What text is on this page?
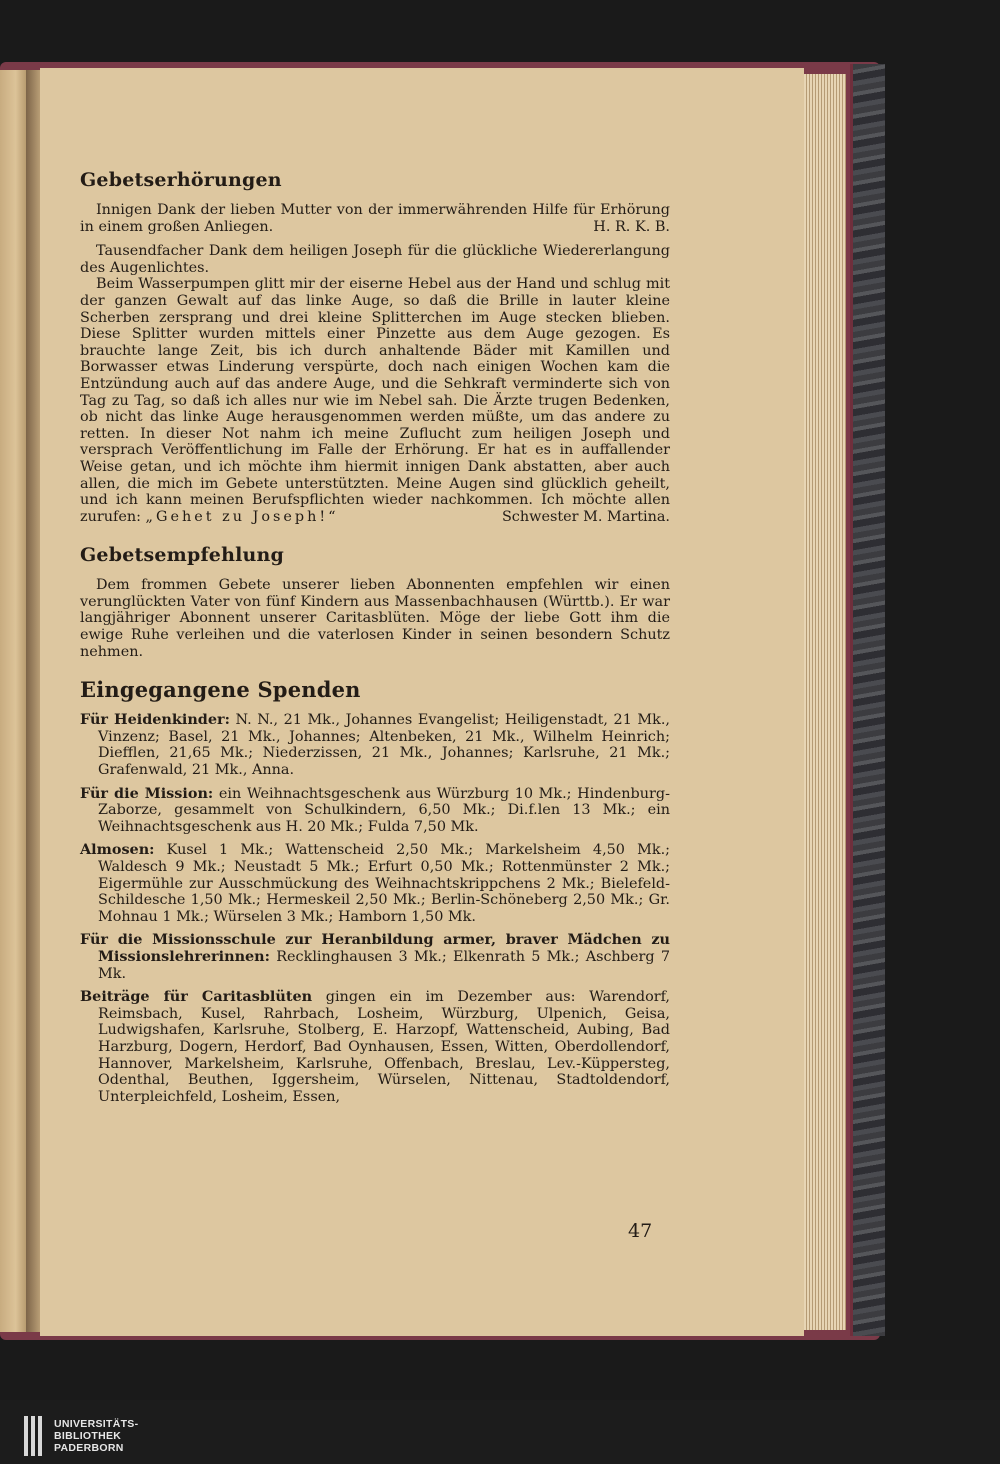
Gebetserhörungen

Innigen Dank der lieben Mutter von der immerwährenden Hilfe für Erhörung in einem großen Anliegen.	H. R. K. B.

Tausendfacher Dank dem heiligen Joseph für die glückliche Wiedererlangung des Augenlichtes.

Beim Wasserpumpen glitt mir der eiserne Hebel aus der Hand und schlug mit der ganzen Gewalt auf das linke Auge, so daß die Brille in lauter kleine Scherben zersprang und drei kleine Splitterchen im Auge stecken blieben. Diese Splitter wurden mittels einer Pinzette aus dem Auge gezogen. Es brauchte lange Zeit, bis ich durch anhaltende Bäder mit Kamillen und Borwasser etwas Linderung verspürte, doch nach einigen Wochen kam die Entzündung auch auf das andere Auge, und die Sehkraft verminderte sich von Tag zu Tag, so daß ich alles nur wie im Nebel sah. Die Ärzte trugen Bedenken, ob nicht das linke Auge herausgenommen werden müßte, um das andere zu retten. In dieser Not nahm ich meine Zuflucht zum heiligen Joseph und versprach Veröffentlichung im Falle der Erhörung. Er hat es in auffallender Weise getan, und ich möchte ihm hiermit innigen Dank abstatten, aber auch allen, die mich im Gebete unterstützten. Meine Augen sind glücklich geheilt, und ich kann meinen Berufspflichten wieder nachkommen. Ich möchte allen zurufen: „Gehet zu Joseph!“	Schwester M. Martina.

Gebetsempfehlung

Dem frommen Gebete unserer lieben Abonnenten empfehlen wir einen verunglückten Vater von fünf Kindern aus Massenbachhausen (Württb.). Er war langjähriger Abonnent unserer Caritasblüten. Möge der liebe Gott ihm die ewige Ruhe verleihen und die vaterlosen Kinder in seinen besondern Schutz nehmen.

Eingegangene Spenden

Für Heidenkinder: N. N., 21 Mk., Johannes Evangelist; Heiligenstadt, 21 Mk., Vinzenz; Basel, 21 Mk., Johannes; Altenbeken, 21 Mk., Wilhelm Heinrich; Diefflen, 21,65 Mk.; Niederzissen, 21 Mk., Johannes; Karlsruhe, 21 Mk.; Grafenwald, 21 Mk., Anna.

Für die Mission: ein Weihnachtsgeschenk aus Würzburg 10 Mk.; Hindenburg-Zaborze, gesammelt von Schulkindern, 6,50 Mk.; Di.f.len 13 Mk.; ein Weihnachtsgeschenk aus H. 20 Mk.; Fulda 7,50 Mk.

Almosen: Kusel 1 Mk.; Wattenscheid 2,50 Mk.; Markelsheim 4,50 Mk.; Waldesch 9 Mk.; Neustadt 5 Mk.; Erfurt 0,50 Mk.; Rottenmünster 2 Mk.; Eigermühle zur Ausschmückung des Weihnachtskrippchens 2 Mk.; Bielefeld-Schildesche 1,50 Mk.; Hermeskeil 2,50 Mk.; Berlin-Schöneberg 2,50 Mk.; Gr. Mohnau 1 Mk.; Würselen 3 Mk.; Hamborn 1,50 Mk.

Für die Missionsschule zur Heranbildung armer, braver Mädchen zu Missionslehrerinnen: Recklinghausen 3 Mk.; Elkenrath 5 Mk.; Aschberg 7 Mk.

Beiträge für Caritasblüten gingen ein im Dezember aus: Warendorf, Reimsbach, Kusel, Rahrbach, Losheim, Würzburg, Ulpenich, Geisa, Ludwigshafen, Karlsruhe, Stolberg, E. Harzopf, Wattenscheid, Aubing, Bad Harzburg, Dogern, Herdorf, Bad Oynhausen, Essen, Witten, Oberdollendorf, Hannover, Markelsheim, Karlsruhe, Offenbach, Breslau, Lev.-Küppersteg, Odenthal, Beuthen, Iggersheim, Würselen, Nittenau, Stadtoldendorf, Unterpleichfeld, Losheim, Essen,

47
UNIVERSITÄTS-
BIBLIOTHEK
PADERBORN
